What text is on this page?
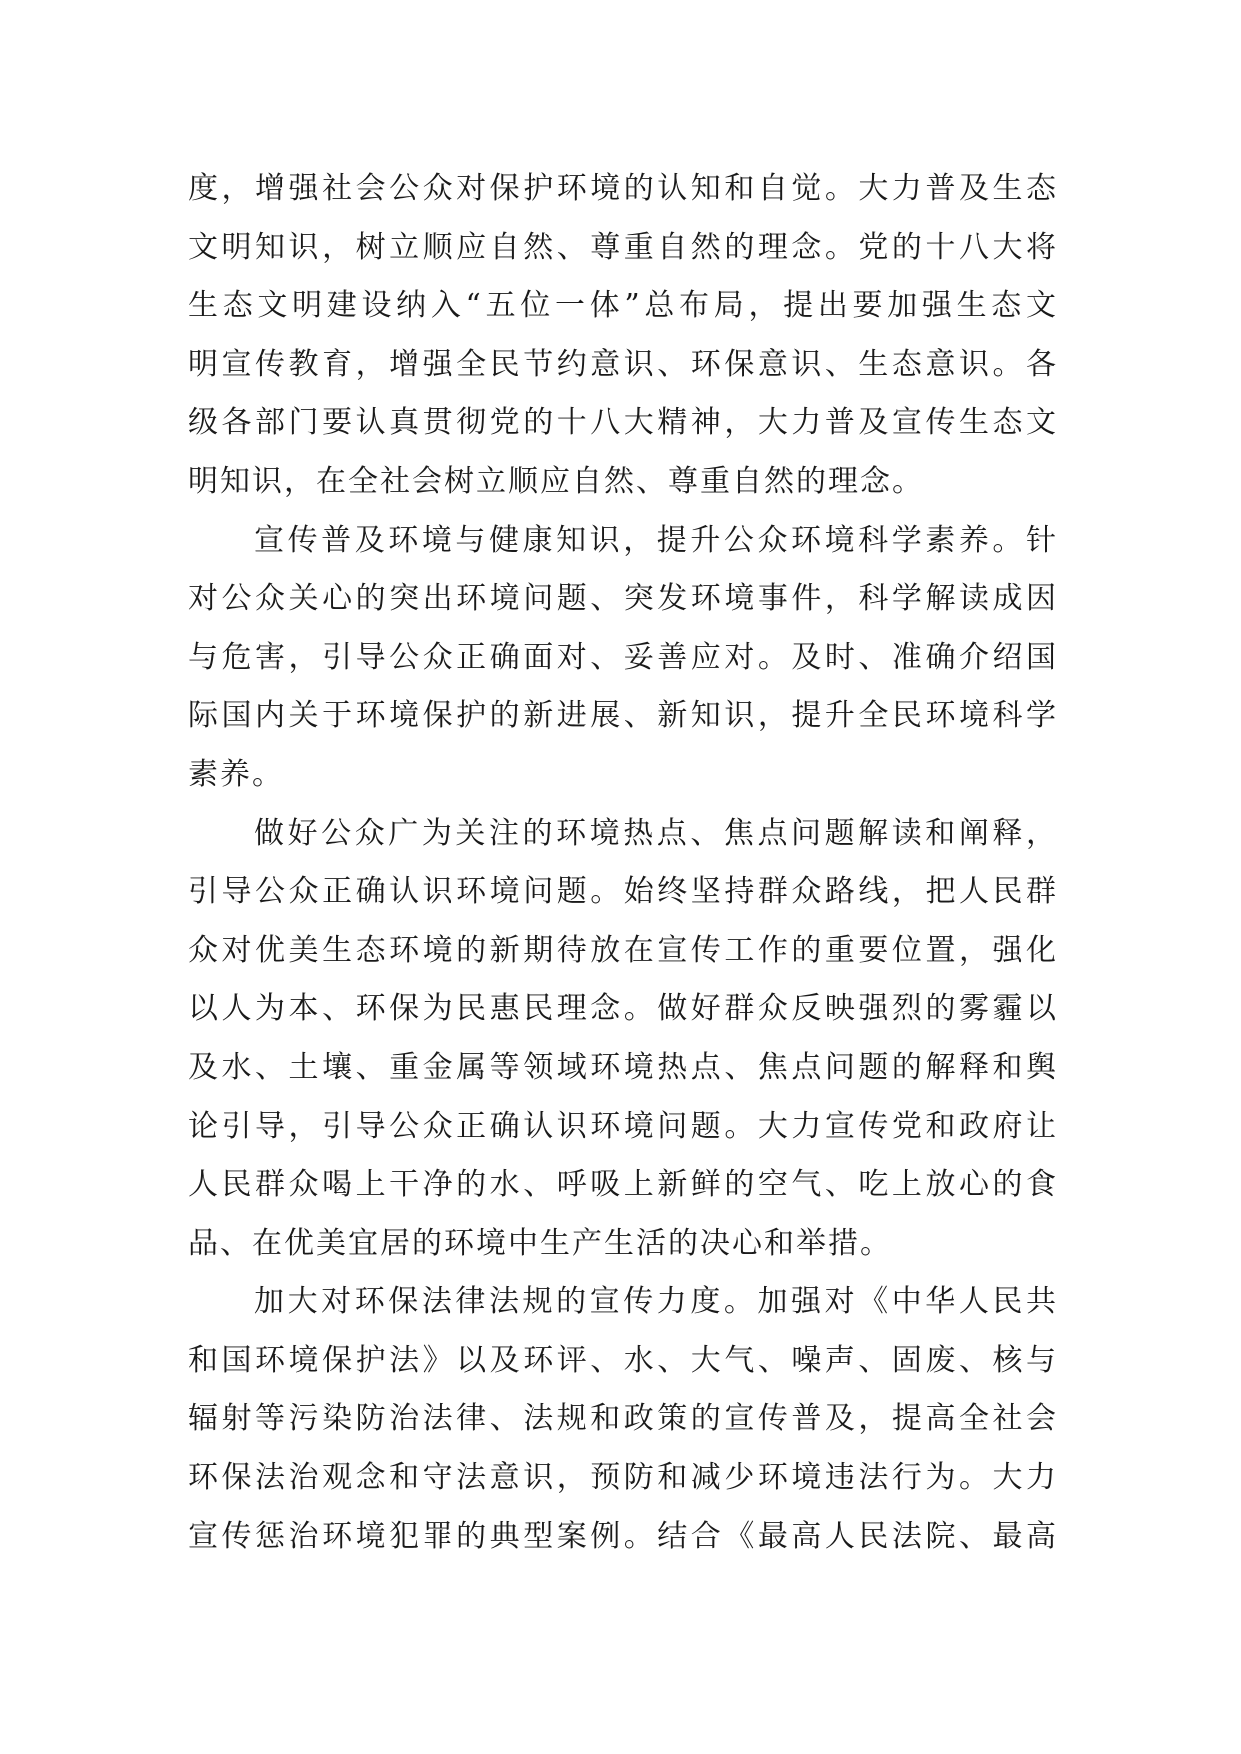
度，增强社会公众对保护环境的认知和自觉。大力普及生态
文明知识，树立顺应自然、尊重自然的理念。党的十八大将
生态文明建设纳入“五位一体”总布局，提出要加强生态文
明宣传教育，增强全民节约意识、环保意识、生态意识。各
级各部门要认真贯彻党的十八大精神，大力普及宣传生态文
明知识，在全社会树立顺应自然、尊重自然的理念。
宣传普及环境与健康知识，提升公众环境科学素养。针
对公众关心的突出环境问题、突发环境事件，科学解读成因
与危害，引导公众正确面对、妥善应对。及时、准确介绍国
际国内关于环境保护的新进展、新知识，提升全民环境科学
素养。
做好公众广为关注的环境热点、焦点问题解读和阐释，
引导公众正确认识环境问题。始终坚持群众路线，把人民群
众对优美生态环境的新期待放在宣传工作的重要位置，强化
以人为本、环保为民惠民理念。做好群众反映强烈的雾霾以
及水、土壤、重金属等领域环境热点、焦点问题的解释和舆
论引导，引导公众正确认识环境问题。大力宣传党和政府让
人民群众喝上干净的水、呼吸上新鲜的空气、吃上放心的食
品、在优美宜居的环境中生产生活的决心和举措。
加大对环保法律法规的宣传力度。加强对《中华人民共
和国环境保护法》以及环评、水、大气、噪声、固废、核与
辐射等污染防治法律、法规和政策的宣传普及，提高全社会
环保法治观念和守法意识，预防和减少环境违法行为。大力
宣传惩治环境犯罪的典型案例。结合《最高人民法院、最高
